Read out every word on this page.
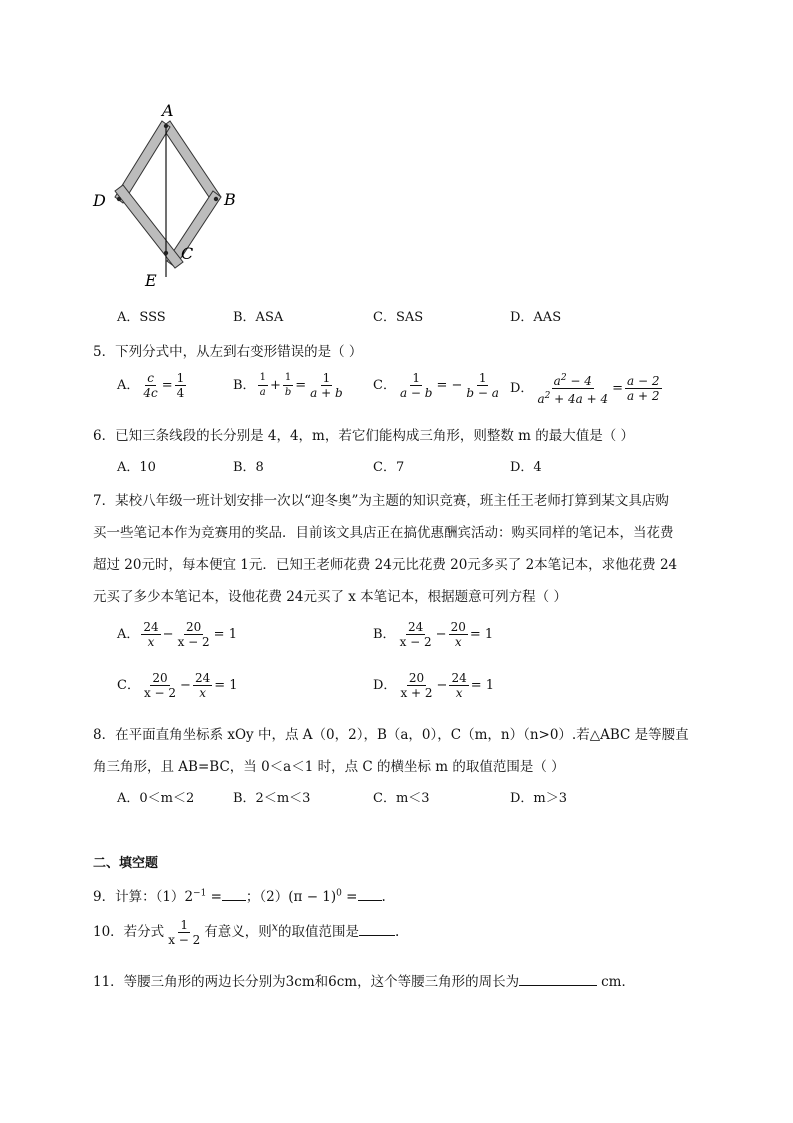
A
B
D
C
E
A．SSS	B．ASA	C．SAS	D．AAS
5．下列分式中，从左到右变形错误的是（ ）
A． $\frac{c}{4c} = \frac{1}{4}$	B． $\frac{1}{a} + \frac{1}{b} = \frac{1}{a + b}$ C． $\frac{1}{a - b}$ = − $\frac{1}{b - a}$ D． $\frac{a^2 - 4}{a^2 + 4a + 4} = \frac{a - 2}{a + 2}$
6．已知三条线段的长分别是 4，4，m，若它们能构成三角形，则整数 m 的最大值是（ ）
A．10	B．8	C．7	D．4
7．某校八年级一班计划安排一次以“迎冬奥”为主题的知识竞赛，班主任王老师打算到某文具店购
买一些笔记本作为竞赛用的奖品．目前该文具店正在搞优惠酬宾活动：购买同样的笔记本，当花费
超过 20元时，每本便宜 1元．已知王老师花费 24元比花费 20元多买了 2本笔记本，求他花费 24
元买了多少本笔记本，设他花费 24元买了 x 本笔记本，根据题意可列方程（ ）
A． $\frac{24}{x} - \frac{20}{x - 2} = 1$	B． $\frac{24}{x - 2} - \frac{20}{x} = 1$
C． $\frac{20}{x - 2} - \frac{24}{x} = 1$	D． $\frac{20}{x + 2} - \frac{24}{x} = 1$
8．在平面直角坐标系 xOy 中，点 A（0，2），B（a，0），C（m，n）（n>0）.若△ABC 是等腰直
角三角形，且 AB=BC，当 0＜a＜1 时，点 C 的横坐标 m 的取值范围是（ ）
A．0＜m＜2	B．2＜m＜3	C．m＜3	D．m＞3
二、填空题
9．计算：$(1)2^{-1}$ = ；$(2)(\pi - 1)^0$ = .
10．若分式 $\frac{1}{x - 2}$ 有意义，则$^x$的取值范围是	.
11．等腰三角形的两边长分别为3cm和6cm，这个等腰三角形的周长为	cm．
